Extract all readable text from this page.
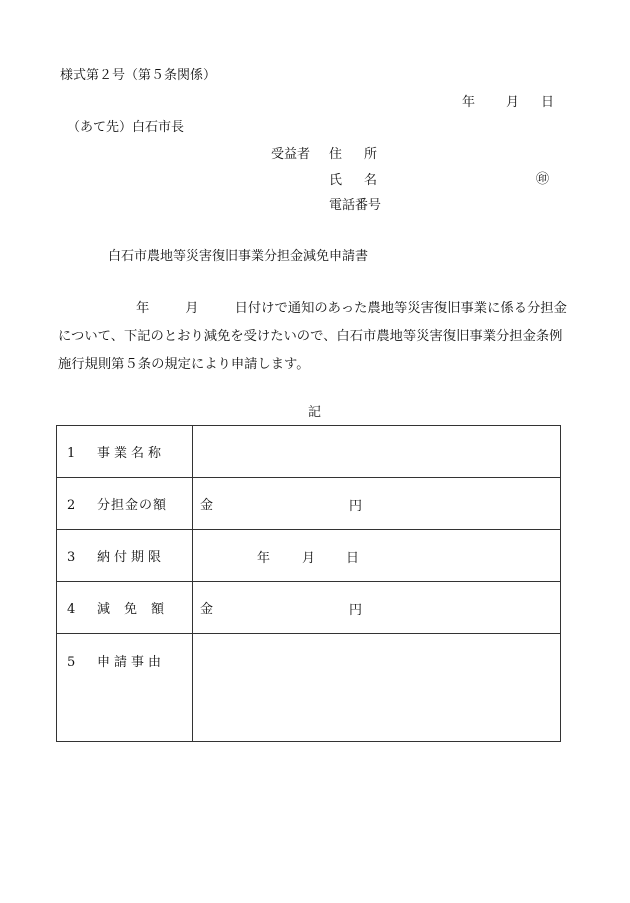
様式第２号（第５条関係）
年 月 日
（あて先）白石市長
受益者 住所
氏名	㊞
電話番号
白石市農地等災害復旧事業分担金減免申請書

年	月	日付けで通知のあった農地等災害復旧事業に係る分担金について、下記のとおり減免を受けたいので、白石市農地等災害復旧事業分担金条例施行規則第５条の規定により申請します。

記
1 事業名称	
2 分担金の額	金 円

3 納付期限	年 月 日

4 減免額	金 円

5 申請事由	
